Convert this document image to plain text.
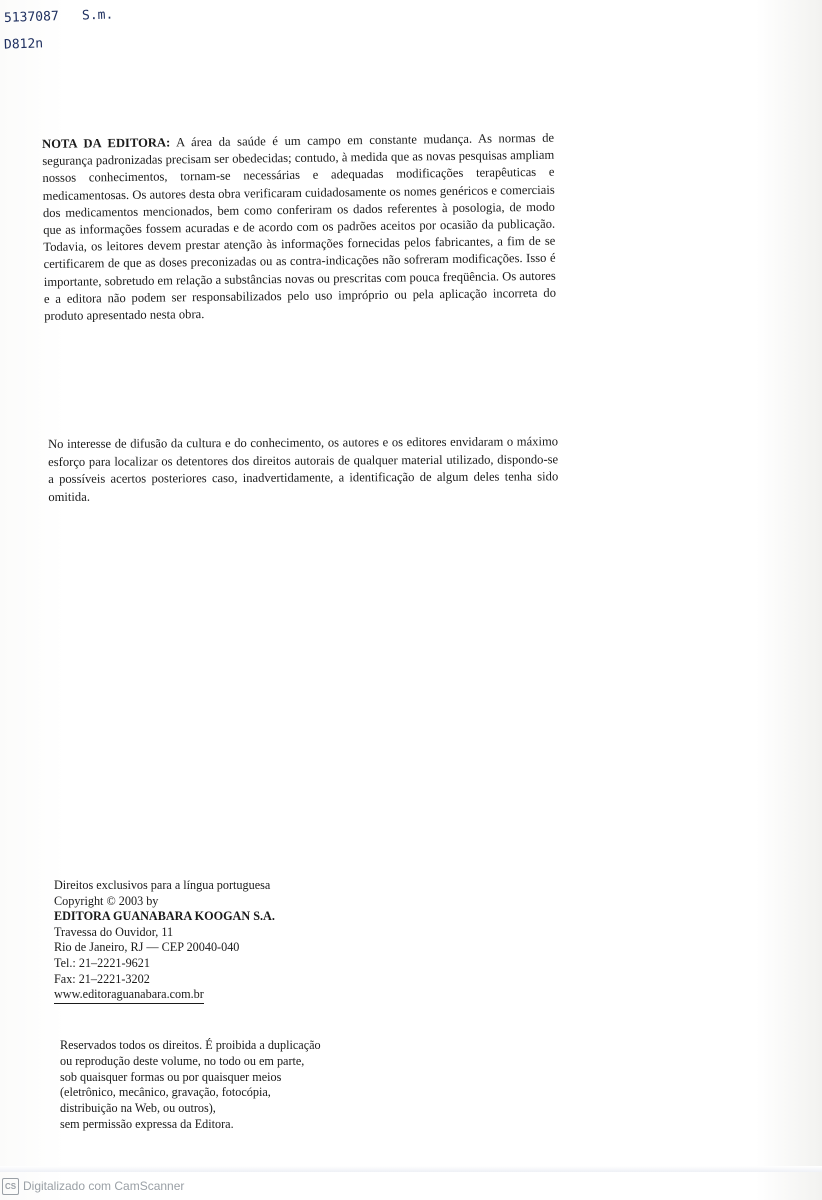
5137087 S.m.
D812n
NOTA DA EDITORA: A área da saúde é um campo em constante mudança. As normas de segurança padronizadas precisam ser obedecidas; contudo, à medida que as novas pesquisas ampliam nossos conhecimentos, tornam-se necessárias e adequadas modificações terapêuticas e medicamentosas. Os autores desta obra verificaram cuidadosamente os nomes genéricos e comerciais dos medicamentos mencionados, bem como conferiram os dados referentes à posologia, de modo que as informações fossem acuradas e de acordo com os padrões aceitos por ocasião da publicação. Todavia, os leitores devem prestar atenção às informações fornecidas pelos fabricantes, a fim de se certificarem de que as doses preconizadas ou as contra-indicações não sofreram modificações. Isso é importante, sobretudo em relação a substâncias novas ou prescritas com pouca freqüência. Os autores e a editora não podem ser responsabilizados pelo uso impróprio ou pela aplicação incorreta do produto apresentado nesta obra.
No interesse de difusão da cultura e do conhecimento, os autores e os editores envidaram o máximo esforço para localizar os detentores dos direitos autorais de qualquer material utilizado, dispondo-se a possíveis acertos posteriores caso, inadvertidamente, a identificação de algum deles tenha sido omitida.
Direitos exclusivos para a língua portuguesa
Copyright © 2003 by
EDITORA GUANABARA KOOGAN S.A.
Travessa do Ouvidor, 11
Rio de Janeiro, RJ — CEP 20040-040
Tel.: 21–2221-9621
Fax: 21–2221-3202
www.editoraguanabara.com.br
Reservados todos os direitos. É proibida a duplicação
ou reprodução deste volume, no todo ou em parte,
sob quaisquer formas ou por quaisquer meios
(eletrônico, mecânico, gravação, fotocópia,
distribuição na Web, ou outros),
sem permissão expressa da Editora.
CS Digitalizado com CamScanner
